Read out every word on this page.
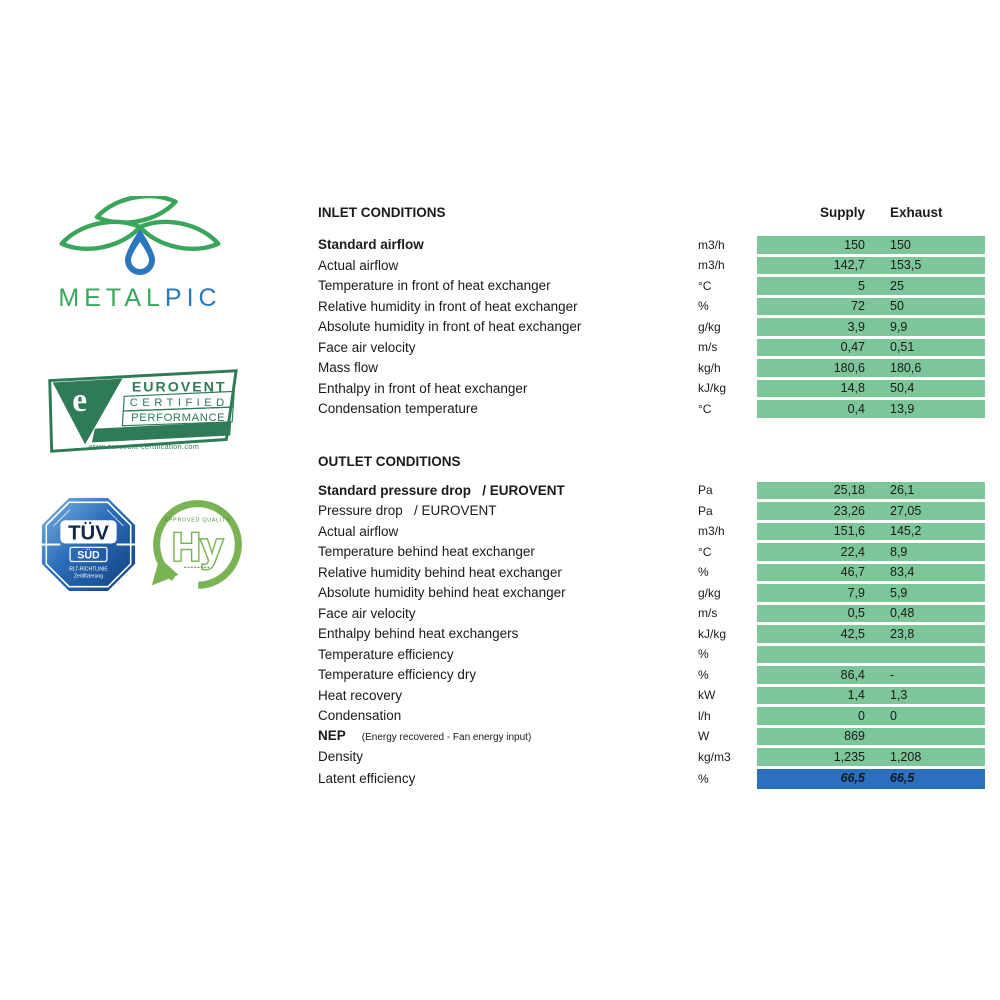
METALPIC
e	EUROVENT
CERTIFIED
PERFORMANCE
www.eurovent-certification.com
TÜV
SÜD
RLT-RICHTLINIE
Zertifizierung
APPROVED QUALITY
Hy
INLET CONDITIONS	Supply	Exhaust
Standard airflow	m3/h	150	150
Actual airflow	m3/h	142,7	153,5
Temperature in front of heat exchanger	°C	5	25
Relative humidity in front of heat exchanger	%	72	50
Absolute humidity in front of heat exchanger	g/kg	3,9	9,9
Face air velocity	m/s	0,47	0,51
Mass flow	kg/h	180,6	180,6
Enthalpy in front of heat exchanger	kJ/kg	14,8	50,4
Condensation temperature	°C	0,4	13,9
OUTLET CONDITIONS
Standard pressure drop   / EUROVENT	Pa	25,18	26,1
Pressure drop   / EUROVENT	Pa	23,26	27,05
Actual airflow	m3/h	151,6	145,2
Temperature behind heat exchanger	°C	22,4	8,9
Relative humidity behind heat exchanger	%	46,7	83,4
Absolute humidity behind heat exchanger	g/kg	7,9	5,9
Face air velocity	m/s	0,5	0,48
Enthalpy behind heat exchangers	kJ/kg	42,5	23,8
Temperature efficiency	%
Temperature efficiency dry	%	86,4	-
Heat recovery	kW	1,4	1,3
Condensation	l/h	0	0
NEP (Energy recovered - Fan energy input)	W	869
Density	kg/m3	1,235	1,208
Latent efficiency	%	66,5	66,5
